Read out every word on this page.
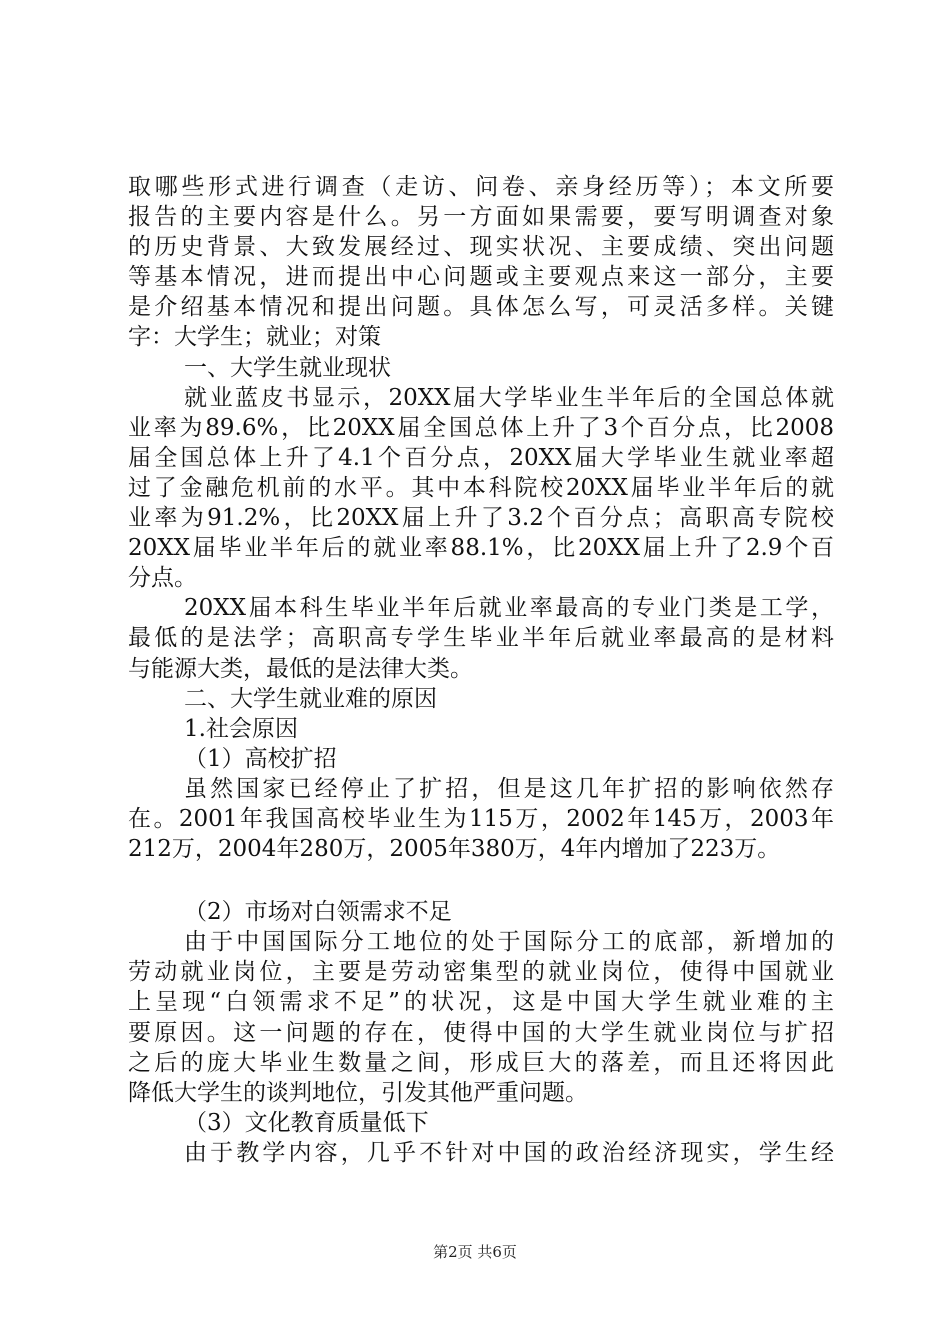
取哪些形式进行调查（走访、问卷、亲身经历等）；本文所要
报告的主要内容是什么。另一方面如果需要，要写明调查对象
的历史背景、大致发展经过、现实状况、主要成绩、突出问题
等基本情况，进而提出中心问题或主要观点来这一部分，主要
是介绍基本情况和提出问题。具体怎么写，可灵活多样。关键
字：大学生；就业；对策
一、大学生就业现状
就业蓝皮书显示，20XX届大学毕业生半年后的全国总体就
业率为89.6%，比20XX届全国总体上升了3个百分点，比2008
届全国总体上升了4.1个百分点，20XX届大学毕业生就业率超
过了金融危机前的水平。其中本科院校20XX届毕业半年后的就
业率为91.2%，比20XX届上升了3.2个百分点；高职高专院校
20XX届毕业半年后的就业率88.1%，比20XX届上升了2.9个百
分点。
20XX届本科生毕业半年后就业率最高的专业门类是工学，
最低的是法学；高职高专学生毕业半年后就业率最高的是材料
与能源大类，最低的是法律大类。
二、大学生就业难的原因
1.社会原因
（1）高校扩招
虽然国家已经停止了扩招，但是这几年扩招的影响依然存
在。2001年我国高校毕业生为115万，2002年145万，2003年
212万，2004年280万，2005年380万，4年内增加了223万。
（2）市场对白领需求不足
由于中国国际分工地位的处于国际分工的底部，新增加的
劳动就业岗位，主要是劳动密集型的就业岗位，使得中国就业
上呈现“白领需求不足”的状况，这是中国大学生就业难的主
要原因。这一问题的存在，使得中国的大学生就业岗位与扩招
之后的庞大毕业生数量之间，形成巨大的落差，而且还将因此
降低大学生的谈判地位，引发其他严重问题。
（3）文化教育质量低下
由于教学内容，几乎不针对中国的政治经济现实，学生经
第2页 共6页
